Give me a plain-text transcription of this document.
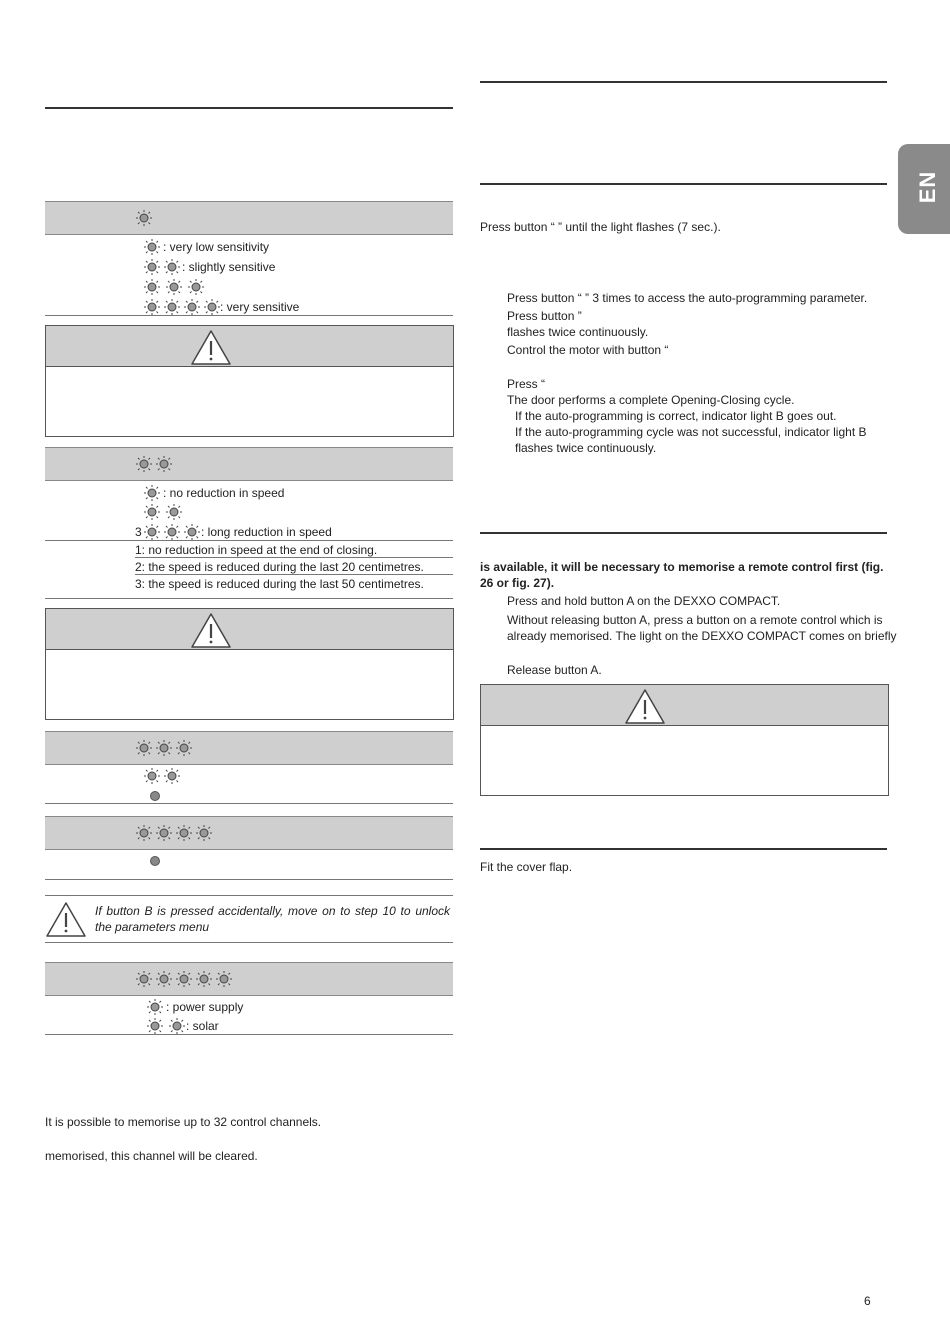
EN
: very low sensitivity
: slightly sensitive
: very sensitive
: no reduction in speed
3	: long reduction in speed
1: no reduction in speed at the end of closing.
2: the speed is reduced during the last 20 centimetres.
3: the speed is reduced during the last 50 centimetres.
If button B is pressed accidentally, move on to step 10 to unlock the parameters menu
: power supply
: solar
It is possible to memorise up to 32 control channels.
memorised, this channel will be cleared.
Press button “ ” until the light flashes (7 sec.).
Press button “ ” 3 times to access the auto-programming parameter.
Press button ”
flashes twice continuously.
Control the motor with button “
Press “
The door performs a complete Opening-Closing cycle.
If the auto-programming is correct, indicator light B goes out.
If the auto-programming cycle was not successful, indicator light B
flashes twice continuously.
is available, it will be necessary to memorise a remote control first (fig.
26 or fig. 27).
Press and hold button A on the DEXXO COMPACT.
Without releasing button A, press a button on a remote control which is
already memorised. The light on the DEXXO COMPACT comes on briefly
Release button A.
Fit the cover flap.
6
